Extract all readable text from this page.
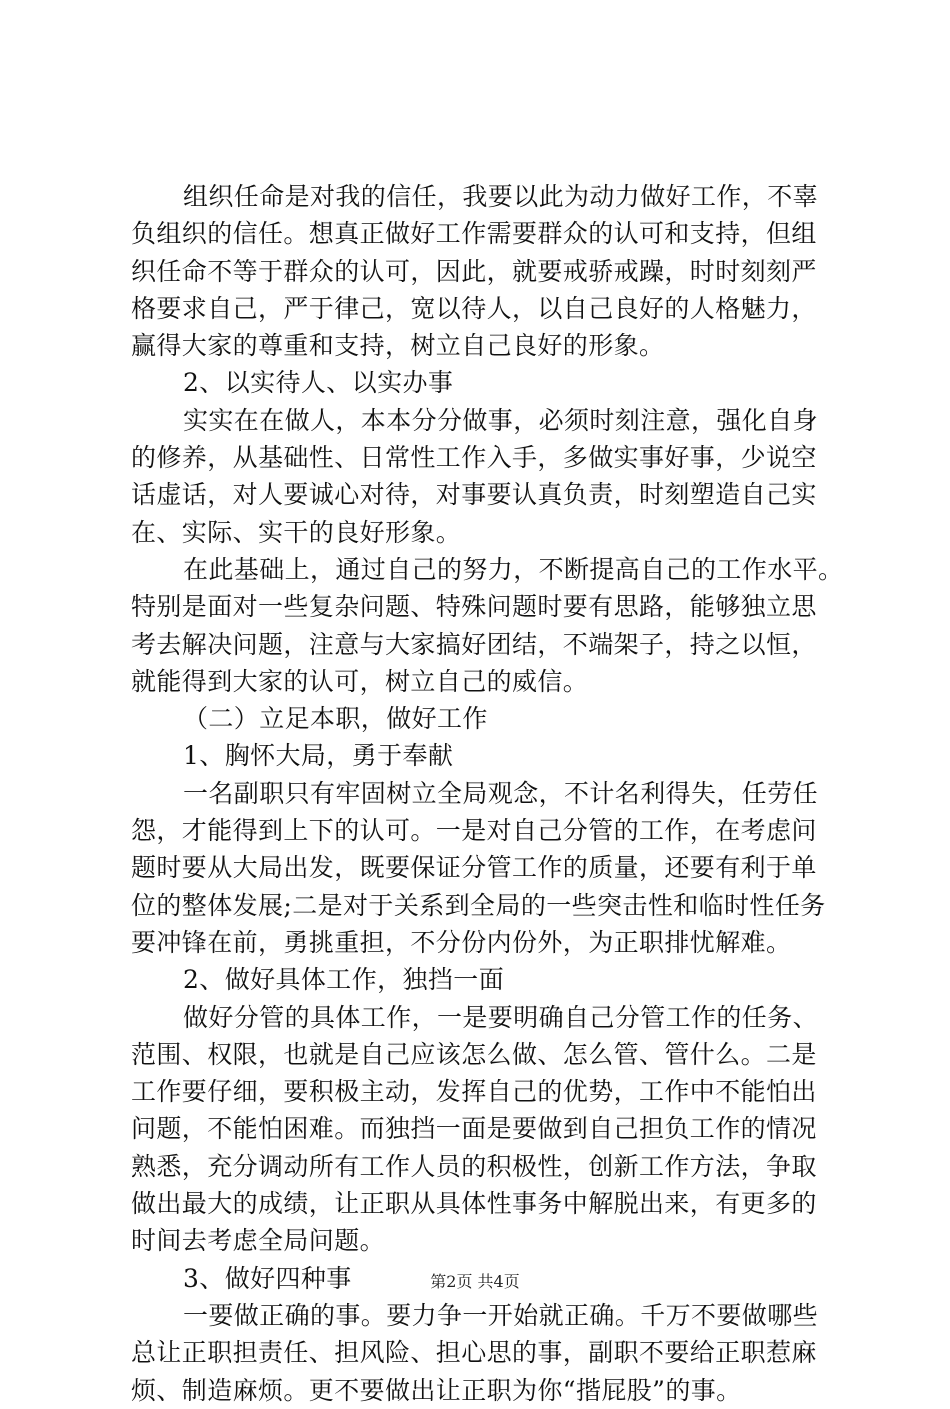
组织任命是对我的信任，我要以此为动力做好工作，不辜
负组织的信任。想真正做好工作需要群众的认可和支持，但组
织任命不等于群众的认可，因此，就要戒骄戒躁，时时刻刻严
格要求自己，严于律己，宽以待人，以自己良好的人格魅力，
赢得大家的尊重和支持，树立自己良好的形象。
2、以实待人、以实办事
实实在在做人，本本分分做事，必须时刻注意，强化自身
的修养，从基础性、日常性工作入手，多做实事好事，少说空
话虚话，对人要诚心对待，对事要认真负责，时刻塑造自己实
在、实际、实干的良好形象。
在此基础上，通过自己的努力，不断提高自己的工作水平。
特别是面对一些复杂问题、特殊问题时要有思路，能够独立思
考去解决问题，注意与大家搞好团结，不端架子，持之以恒，
就能得到大家的认可，树立自己的威信。
（二）立足本职，做好工作
1、胸怀大局，勇于奉献
一名副职只有牢固树立全局观念，不计名利得失，任劳任
怨，才能得到上下的认可。一是对自己分管的工作，在考虑问
题时要从大局出发，既要保证分管工作的质量，还要有利于单
位的整体发展;二是对于关系到全局的一些突击性和临时性任务
要冲锋在前，勇挑重担，不分份内份外，为正职排忧解难。
2、做好具体工作，独挡一面
做好分管的具体工作，一是要明确自己分管工作的任务、
范围、权限，也就是自己应该怎么做、怎么管、管什么。二是
工作要仔细，要积极主动，发挥自己的优势，工作中不能怕出
问题，不能怕困难。而独挡一面是要做到自己担负工作的情况
熟悉，充分调动所有工作人员的积极性，创新工作方法，争取
做出最大的成绩，让正职从具体性事务中解脱出来，有更多的
时间去考虑全局问题。
3、做好四种事
一要做正确的事。要力争一开始就正确。千万不要做哪些
总让正职担责任、担风险、担心思的事，副职不要给正职惹麻
烦、制造麻烦。更不要做出让正职为你“揩屁股”的事。
第2页 共4页
